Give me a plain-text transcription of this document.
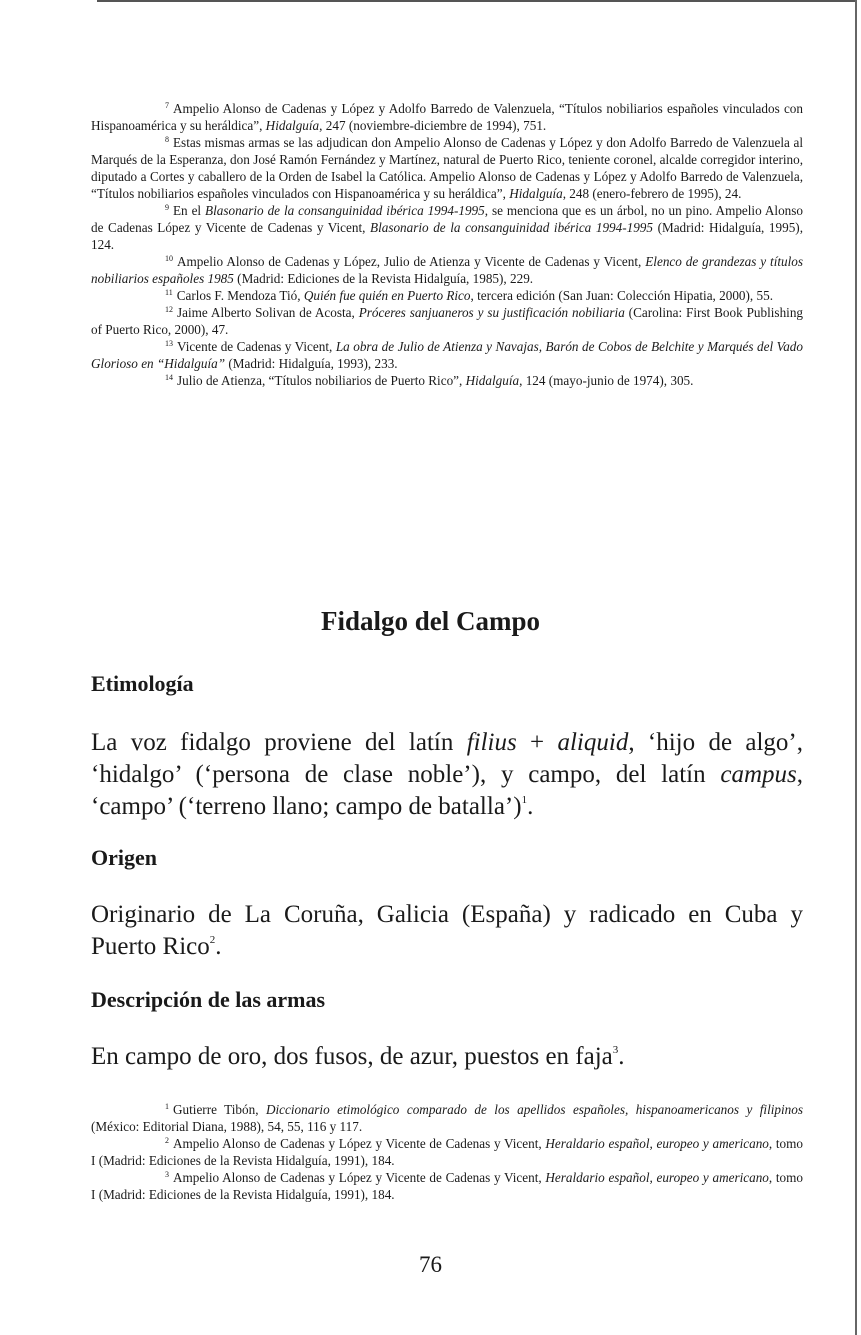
$^7$ Ampelio Alonso de Cadenas y López y Adolfo Barredo de Valenzuela, “Títulos nobiliarios españoles vinculados con Hispanoamérica y su heráldica”, Hidalguía, 247 (noviembre-diciembre de 1994), 751.

$^8$ Estas mismas armas se las adjudican don Ampelio Alonso de Cadenas y López y don Adolfo Barredo de Valenzuela al Marqués de la Esperanza, don José Ramón Fernández y Martínez, natural de Puerto Rico, teniente coronel, alcalde corregidor interino, diputado a Cortes y caballero de la Orden de Isabel la Católica. Ampelio Alonso de Cadenas y López y Adolfo Barredo de Valenzuela, “Títulos nobiliarios españoles vinculados con Hispanoamérica y su heráldica”, Hidalguía, 248 (enero-febrero de 1995), 24.

$^9$ En el Blasonario de la consanguinidad ibérica 1994-1995, se menciona que es un árbol, no un pino. Ampelio Alonso de Cadenas López y Vicente de Cadenas y Vicent, Blasonario de la consanguinidad ibérica 1994-1995 (Madrid: Hidalguía, 1995), 124.

$^{10}$ Ampelio Alonso de Cadenas y López, Julio de Atienza y Vicente de Cadenas y Vicent, Elenco de grandezas y títulos nobiliarios españoles 1985 (Madrid: Ediciones de la Revista Hidalguía, 1985), 229.

$^{11}$ Carlos F. Mendoza Tió, Quién fue quién en Puerto Rico, tercera edición (San Juan: Colección Hipatia, 2000), 55.

$^{12}$ Jaime Alberto Solivan de Acosta, Próceres sanjuaneros y su justificación nobiliaria (Carolina: First Book Publishing of Puerto Rico, 2000), 47.

$^{13}$ Vicente de Cadenas y Vicent, La obra de Julio de Atienza y Navajas, Barón de Cobos de Belchite y Marqués del Vado Glorioso en “Hidalguía” (Madrid: Hidalguía, 1993), 233.

$^{14}$ Julio de Atienza, “Títulos nobiliarios de Puerto Rico”, Hidalguía, 124 (mayo-junio de 1974), 305.

Fidalgo del Campo
Etimología

La voz fidalgo proviene del latín filius + aliquid, ‘hijo de algo’, ‘hidalgo’ (‘persona de clase noble’), y campo, del latín campus, ‘campo’ (‘terreno llano; campo de batalla’)$^1$.

Origen

Originario de La Coruña, Galicia (España) y radicado en Cuba y Puerto Rico$^2$.

Descripción de las armas

En campo de oro, dos fusos, de azur, puestos en faja$^3$.

$^1$ Gutierre Tibón, Diccionario etimológico comparado de los apellidos españoles, hispanoamericanos y filipinos (México: Editorial Diana, 1988), 54, 55, 116 y 117.

$^2$ Ampelio Alonso de Cadenas y López y Vicente de Cadenas y Vicent, Heraldario español, europeo y americano, tomo I (Madrid: Ediciones de la Revista Hidalguía, 1991), 184.

$^3$ Ampelio Alonso de Cadenas y López y Vicente de Cadenas y Vicent, Heraldario español, europeo y americano, tomo I (Madrid: Ediciones de la Revista Hidalguía, 1991), 184.

76
